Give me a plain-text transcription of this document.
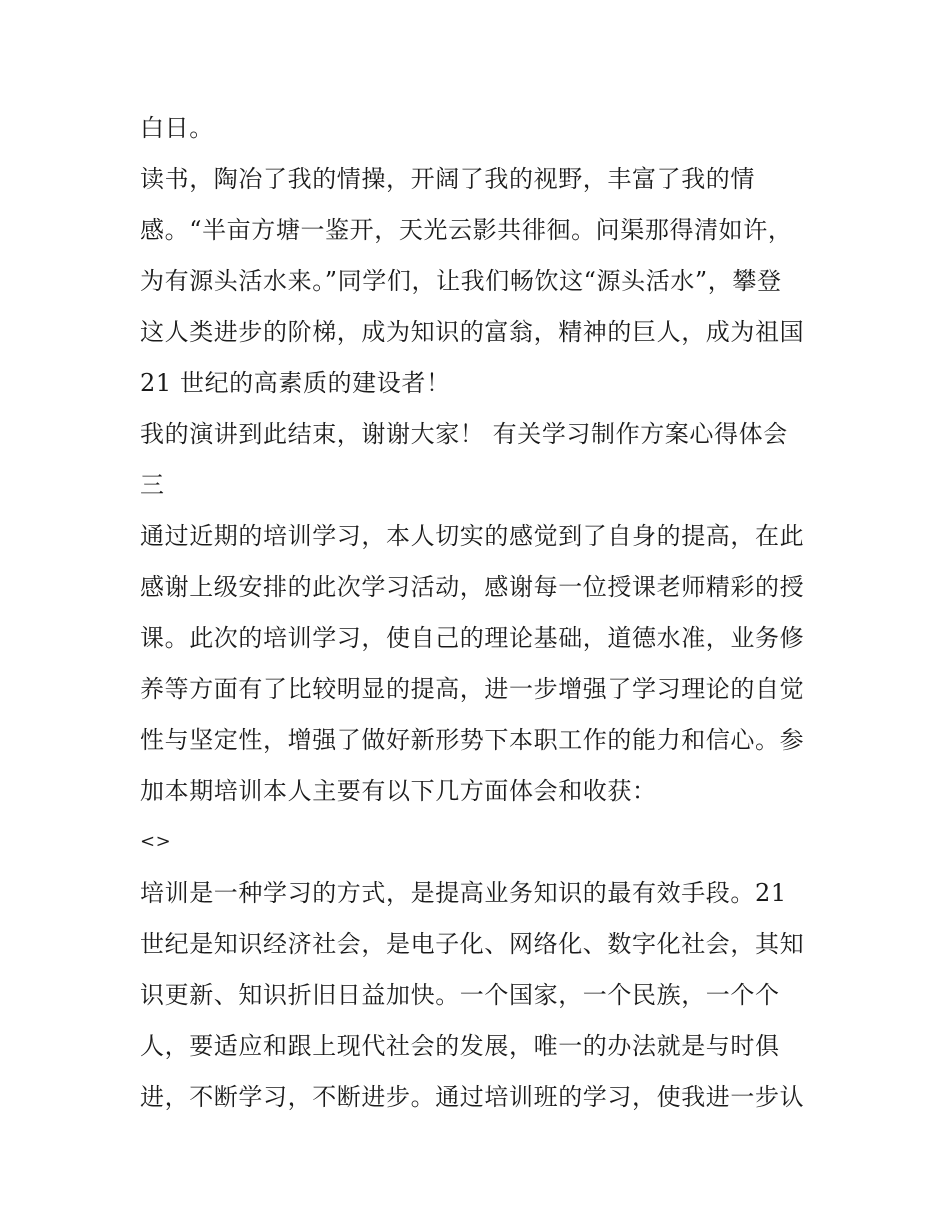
白日。
读书，陶冶了我的情操，开阔了我的视野，丰富了我的情
感。“半亩方塘一鉴开，天光云影共徘徊。问渠那得清如许，
为有源头活水来。”同学们，让我们畅饮这“源头活水”，攀登
这人类进步的阶梯，成为知识的富翁，精神的巨人，成为祖国
21 世纪的高素质的建设者！
我的演讲到此结束，谢谢大家！ 有关学习制作方案心得体会
三
通过近期的培训学习，本人切实的感觉到了自身的提高，在此
感谢上级安排的此次学习活动，感谢每一位授课老师精彩的授
课。此次的培训学习，使自己的理论基础，道德水准，业务修
养等方面有了比较明显的提高，进一步增强了学习理论的自觉
性与坚定性，增强了做好新形势下本职工作的能力和信心。参
加本期培训本人主要有以下几方面体会和收获：
<>
培训是一种学习的方式，是提高业务知识的最有效手段。21
世纪是知识经济社会，是电子化、网络化、数字化社会，其知
识更新、知识折旧日益加快。一个国家，一个民族，一个个
人，要适应和跟上现代社会的发展，唯一的办法就是与时俱
进，不断学习，不断进步。通过培训班的学习，使我进一步认
